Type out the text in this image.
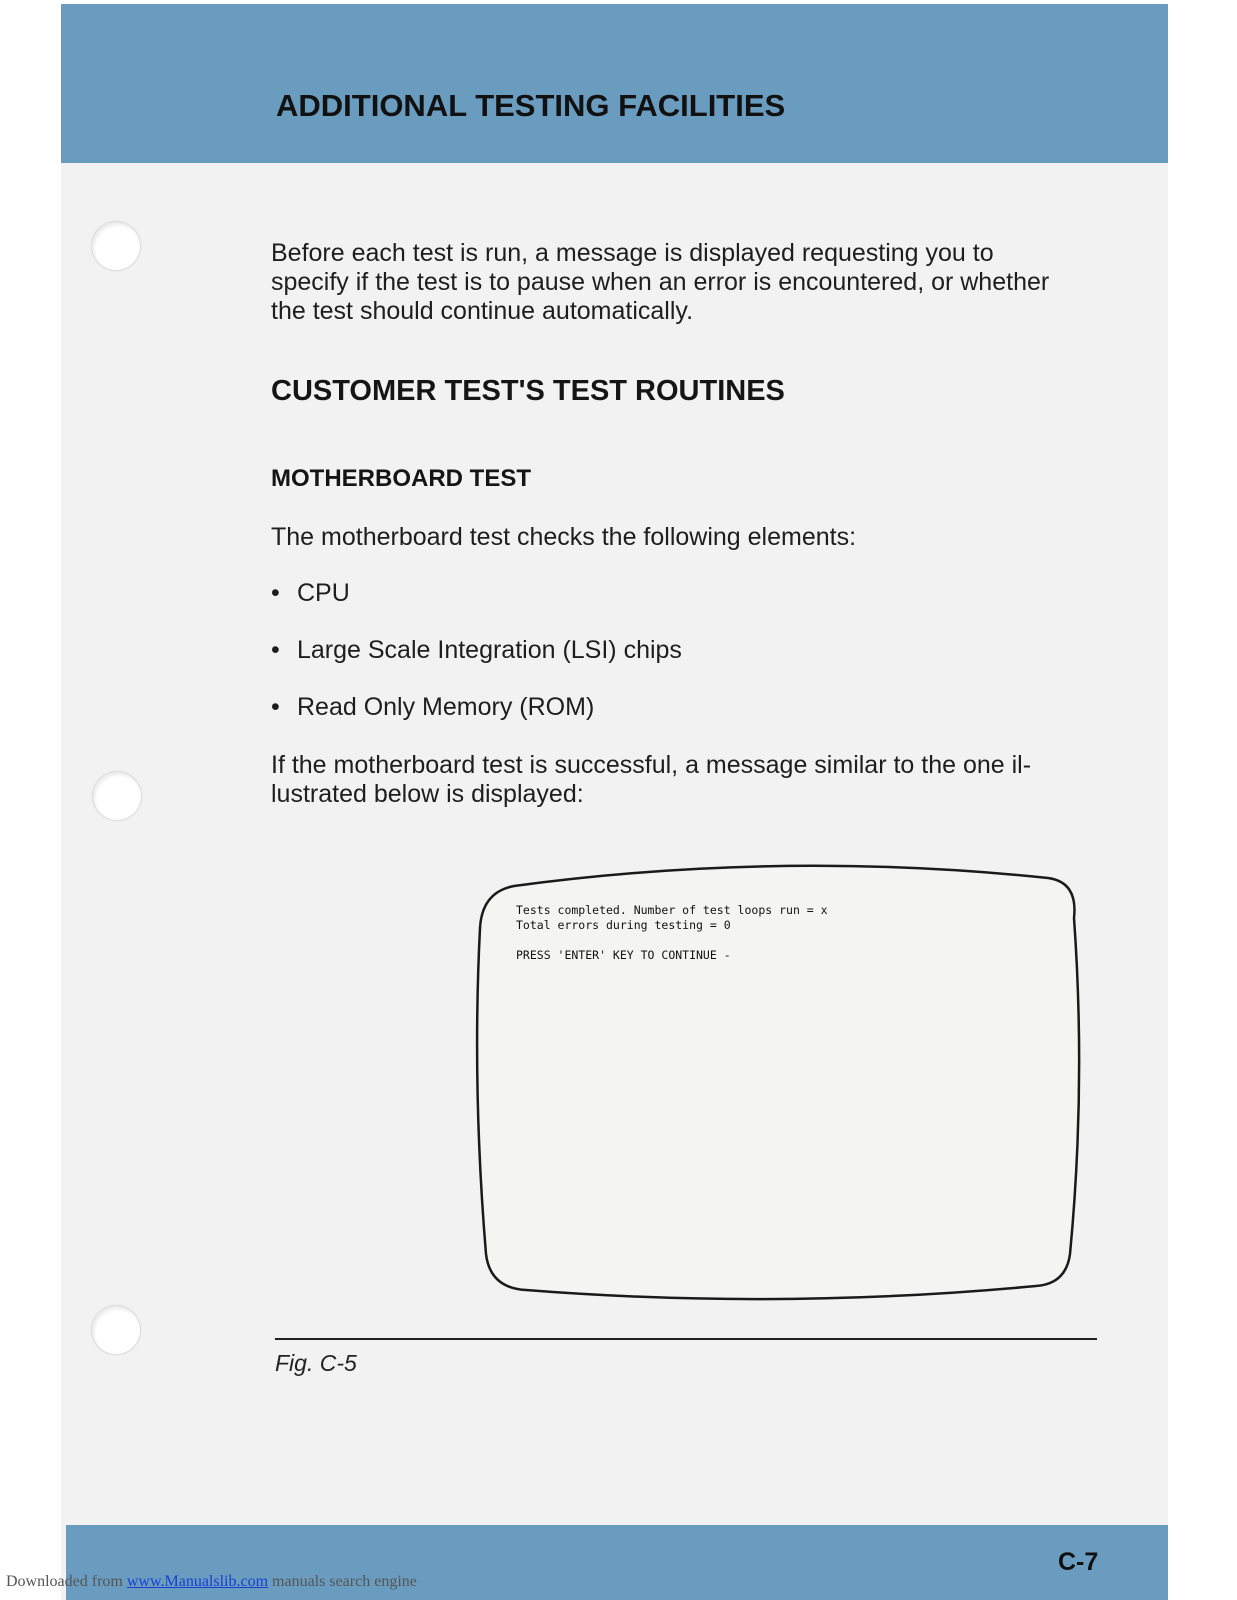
ADDITIONAL TESTING FACILITIES

Before each test is run, a message is displayed requesting you to
specify if the test is to pause when an error is encountered, or whether
the test should continue automatically.

CUSTOMER TEST'S TEST ROUTINES
MOTHERBOARD TEST

The motherboard test checks the following elements:

• CPU
• Large Scale Integration (LSI) chips
• Read Only Memory (ROM)

If the motherboard test is successful, a message similar to the one il-
lustrated below is displayed:

Tests completed. Number of test loops run = x
Total errors during testing = 0
PRESS 'ENTER' KEY TO CONTINUE -

Fig. C-5

C-7
Downloaded from www.Manualslib.com manuals search engine
